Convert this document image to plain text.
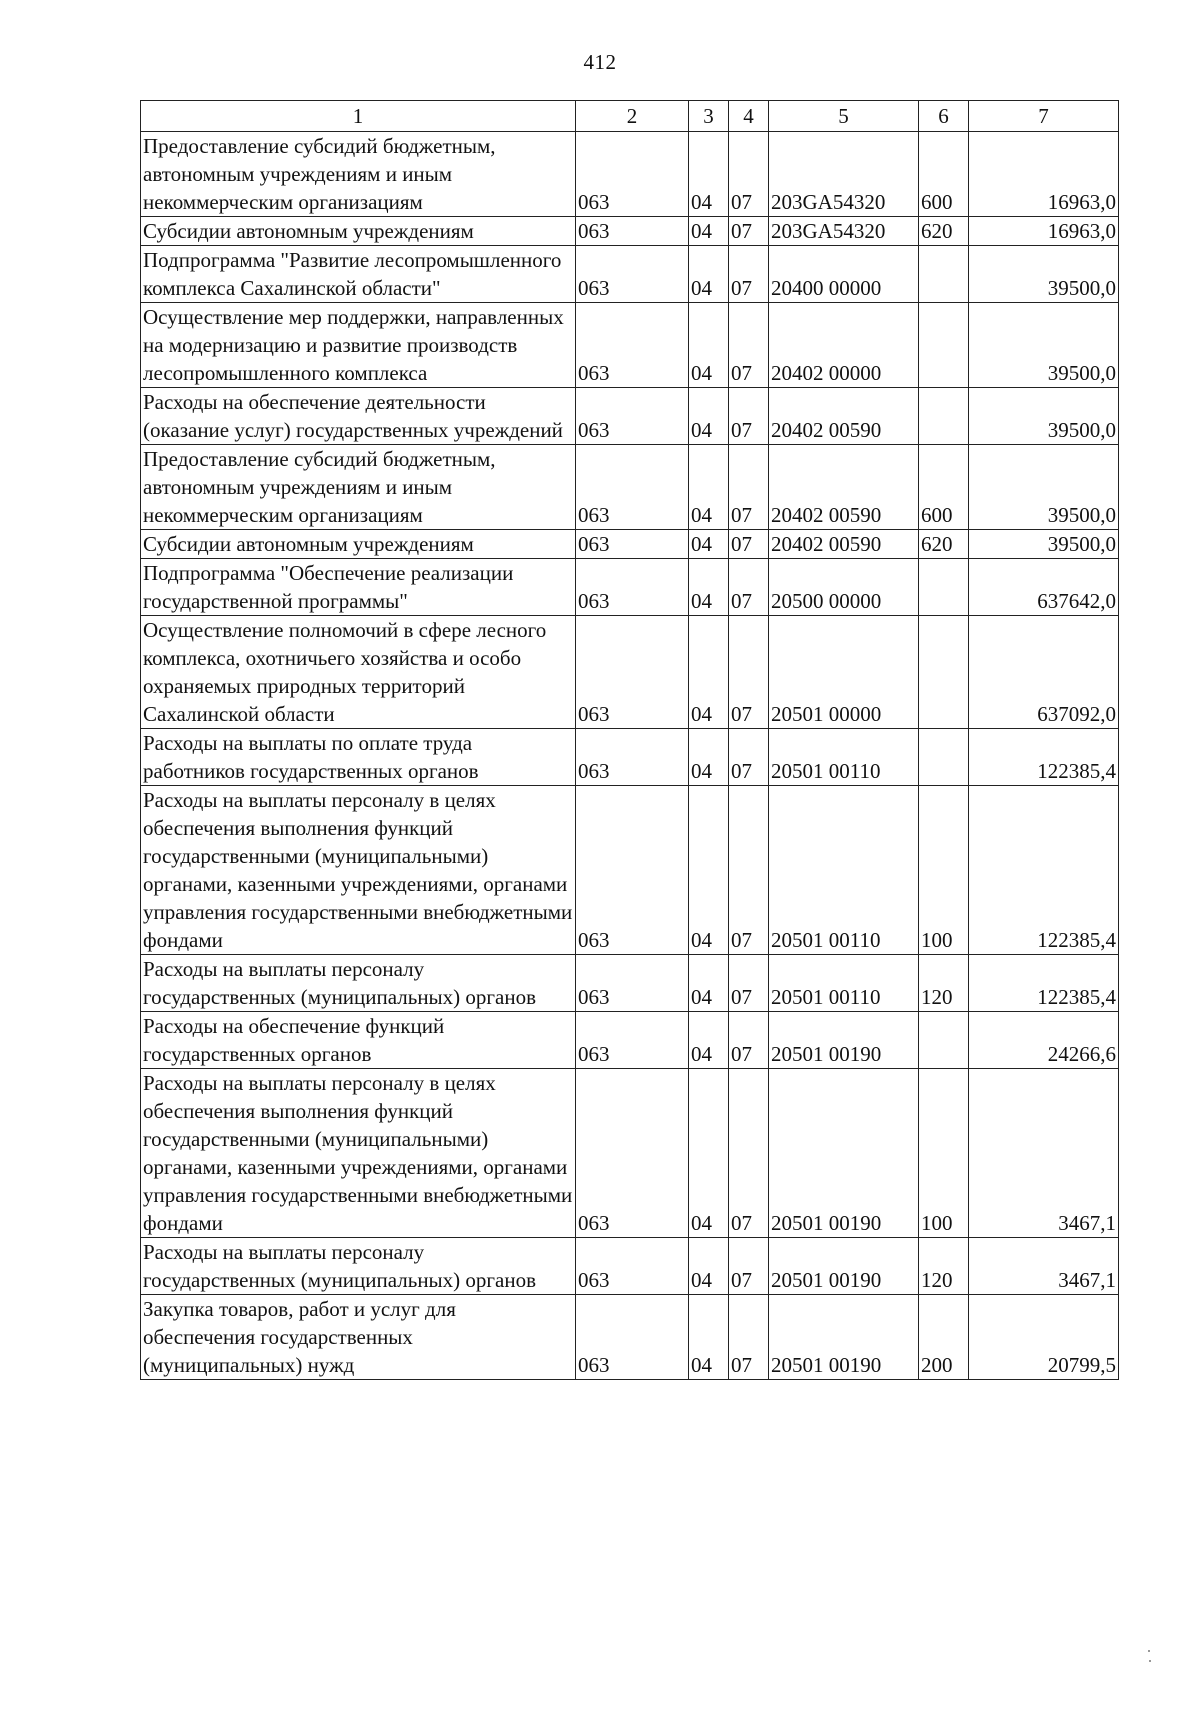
412
1	2	3	4	5	6	7
Предоставление субсидий бюджетным, автономным учреждениям и иным некоммерческим организациям	063	04	07	203GA54320	600	16963,0
Субсидии автономным учреждениям	063	04	07	203GA54320	620	16963,0
Подпрограмма "Развитие лесопромышленного комплекса Сахалинской области"	063	04	07	20400 00000		39500,0
Осуществление мер поддержки, направленных на модернизацию и развитие производств лесопромышленного комплекса	063	04	07	20402 00000		39500,0
Расходы на обеспечение деятельности (оказание услуг) государственных учреждений	063	04	07	20402 00590		39500,0
Предоставление субсидий бюджетным, автономным учреждениям и иным некоммерческим организациям	063	04	07	20402 00590	600	39500,0
Субсидии автономным учреждениям	063	04	07	20402 00590	620	39500,0
Подпрограмма "Обеспечение реализации государственной программы"	063	04	07	20500 00000		637642,0
Осуществление полномочий в сфере лесного комплекса, охотничьего хозяйства и особо охраняемых природных территорий Сахалинской области	063	04	07	20501 00000		637092,0
Расходы на выплаты по оплате труда работников государственных органов	063	04	07	20501 00110		122385,4
Расходы на выплаты персоналу в целях обеспечения выполнения функций государственными (муниципальными) органами, казенными учреждениями, органами управления государственными внебюджетными фондами	063	04	07	20501 00110	100	122385,4
Расходы на выплаты персоналу государственных (муниципальных) органов	063	04	07	20501 00110	120	122385,4
Расходы на обеспечение функций государственных органов	063	04	07	20501 00190		24266,6
Расходы на выплаты персоналу в целях обеспечения выполнения функций государственными (муниципальными) органами, казенными учреждениями, органами управления государственными внебюджетными фондами	063	04	07	20501 00190	100	3467,1
Расходы на выплаты персоналу государственных (муниципальных) органов	063	04	07	20501 00190	120	3467,1
Закупка товаров, работ и услуг для обеспечения государственных (муниципальных) нужд	063	04	07	20501 00190	200	20799,5
